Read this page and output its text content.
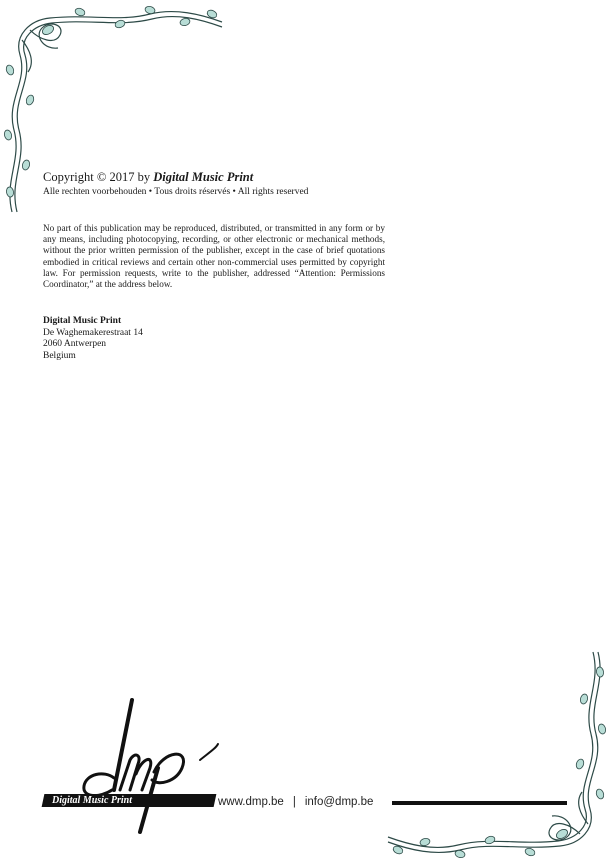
Copyright © 2017 by Digital Music Print
Alle rechten voorbehouden • Tous droits réservés • All rights reserved

No part of this publication may be reproduced, distributed, or transmitted in any form or by any means, including photocopying, recording, or other electronic or mechanical methods, without the prior written permission of the publisher, except in the case of brief quotations embodied in critical reviews and certain other non-commercial uses permitted by copyright law. For permission requests, write to the publisher, addressed “Attention: Permissions Coordinator,” at the address below.

Digital Music Print
De Waghemakerestraat 14
2060 Antwerpen
Belgium
dmp
Digital Music Print	www.dmp.be | info@dmp.be
